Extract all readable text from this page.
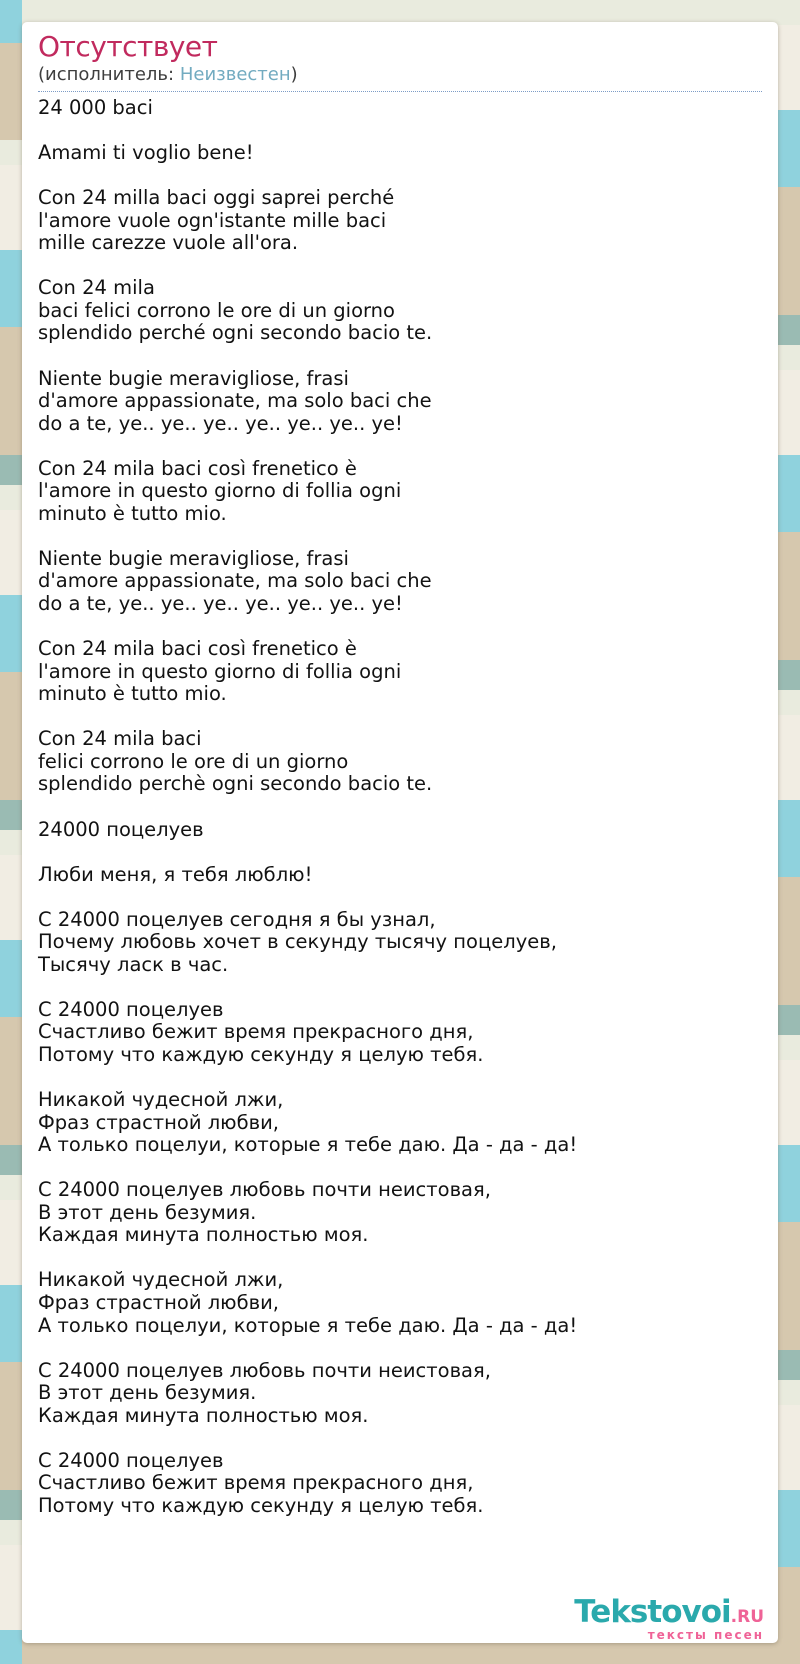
Отсутствует
(исполнитель: Неизвестен)
24 000 baci
Amami ti voglio bene!
Con 24 milla baci oggi saprei perché
l'amore vuole ogn'istante mille baci
mille carezze vuole all'ora.
Con 24 mila
baci felici corrono le ore di un giorno
splendido perché ogni secondo bacio te.
Niente bugie meravigliose, frasi
d'amore appassionate, ma solo baci che
do a te, ye.. ye.. ye.. ye.. ye.. ye.. ye!
Con 24 mila baci così frenetico è
l'amore in questo giorno di follia ogni
minuto è tutto mio.
Niente bugie meravigliose, frasi
d'amore appassionate, ma solo baci che
do a te, ye.. ye.. ye.. ye.. ye.. ye.. ye!
Con 24 mila baci così frenetico è
l'amore in questo giorno di follia ogni
minuto è tutto mio.
Con 24 mila baci
felici corrono le ore di un giorno
splendido perchè ogni secondo bacio te.
24000 поцелуев
Люби меня, я тебя люблю!
С 24000 поцелуев сегодня я бы узнал,
Почему любовь хочет в секунду тысячу поцелуев,
Тысячу ласк в час.
С 24000 поцелуев
Счастливо бежит время прекрасного дня,
Потому что каждую секунду я целую тебя.
Никакой чудесной лжи,
Фраз страстной любви,
А только поцелуи, которые я тебе даю. Да - да - да!
С 24000 поцелуев любовь почти неистовая,
В этот день безумия.
Каждая минута полностью моя.
Никакой чудесной лжи,
Фраз страстной любви,
А только поцелуи, которые я тебе даю. Да - да - да!
С 24000 поцелуев любовь почти неистовая,
В этот день безумия.
Каждая минута полностью моя.
С 24000 поцелуев
Счастливо бежит время прекрасного дня,
Потому что каждую секунду я целую тебя.
Tekstovoi.RU
тексты песен
